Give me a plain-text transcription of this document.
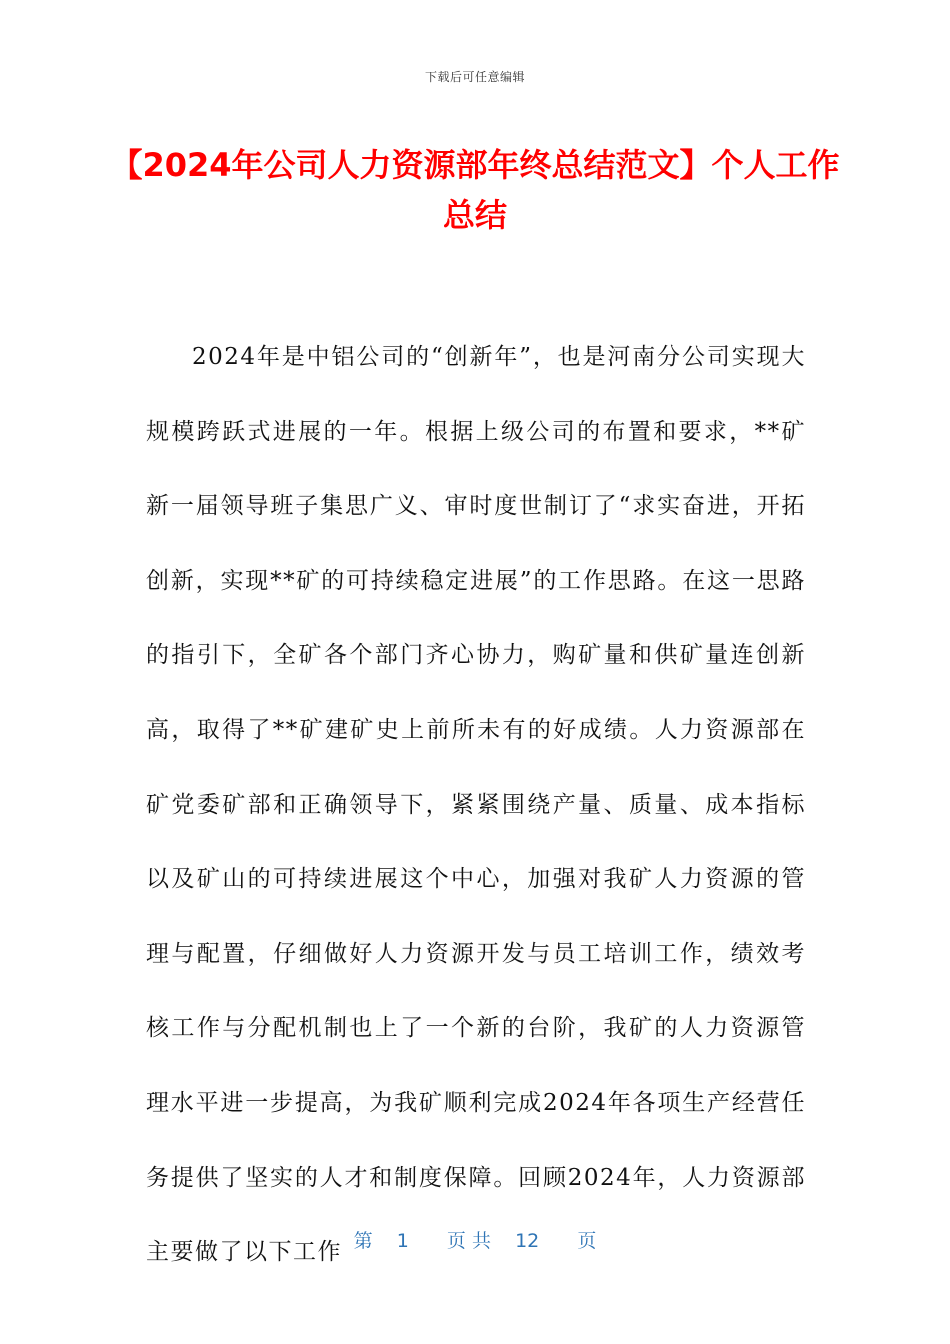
下载后可任意编辑
【2024年公司人力资源部年终总结范文】个人工作总结

2024年是中铝公司的“创新年”，也是河南分公司实现大规模跨跃式进展的一年。根据上级公司的布置和要求，**矿新一届领导班子集思广义、审时度世制订了“求实奋进，开拓创新，实现**矿的可持续稳定进展”的工作思路。在这一思路的指引下，全矿各个部门齐心协力，购矿量和供矿量连创新高，取得了**矿建矿史上前所未有的好成绩。人力资源部在矿党委矿部和正确领导下，紧紧围绕产量、质量、成本指标以及矿山的可持续进展这个中心，加强对我矿人力资源的管理与配置，仔细做好人力资源开发与员工培训工作，绩效考核工作与分配机制也上了一个新的台阶，我矿的人力资源管理水平进一步提高，为我矿顺利完成2024年各项生产经营任务提供了坚实的人才和制度保障。回顾2024年，人力资源部主要做了以下工作 第 1 页 共 12 页
